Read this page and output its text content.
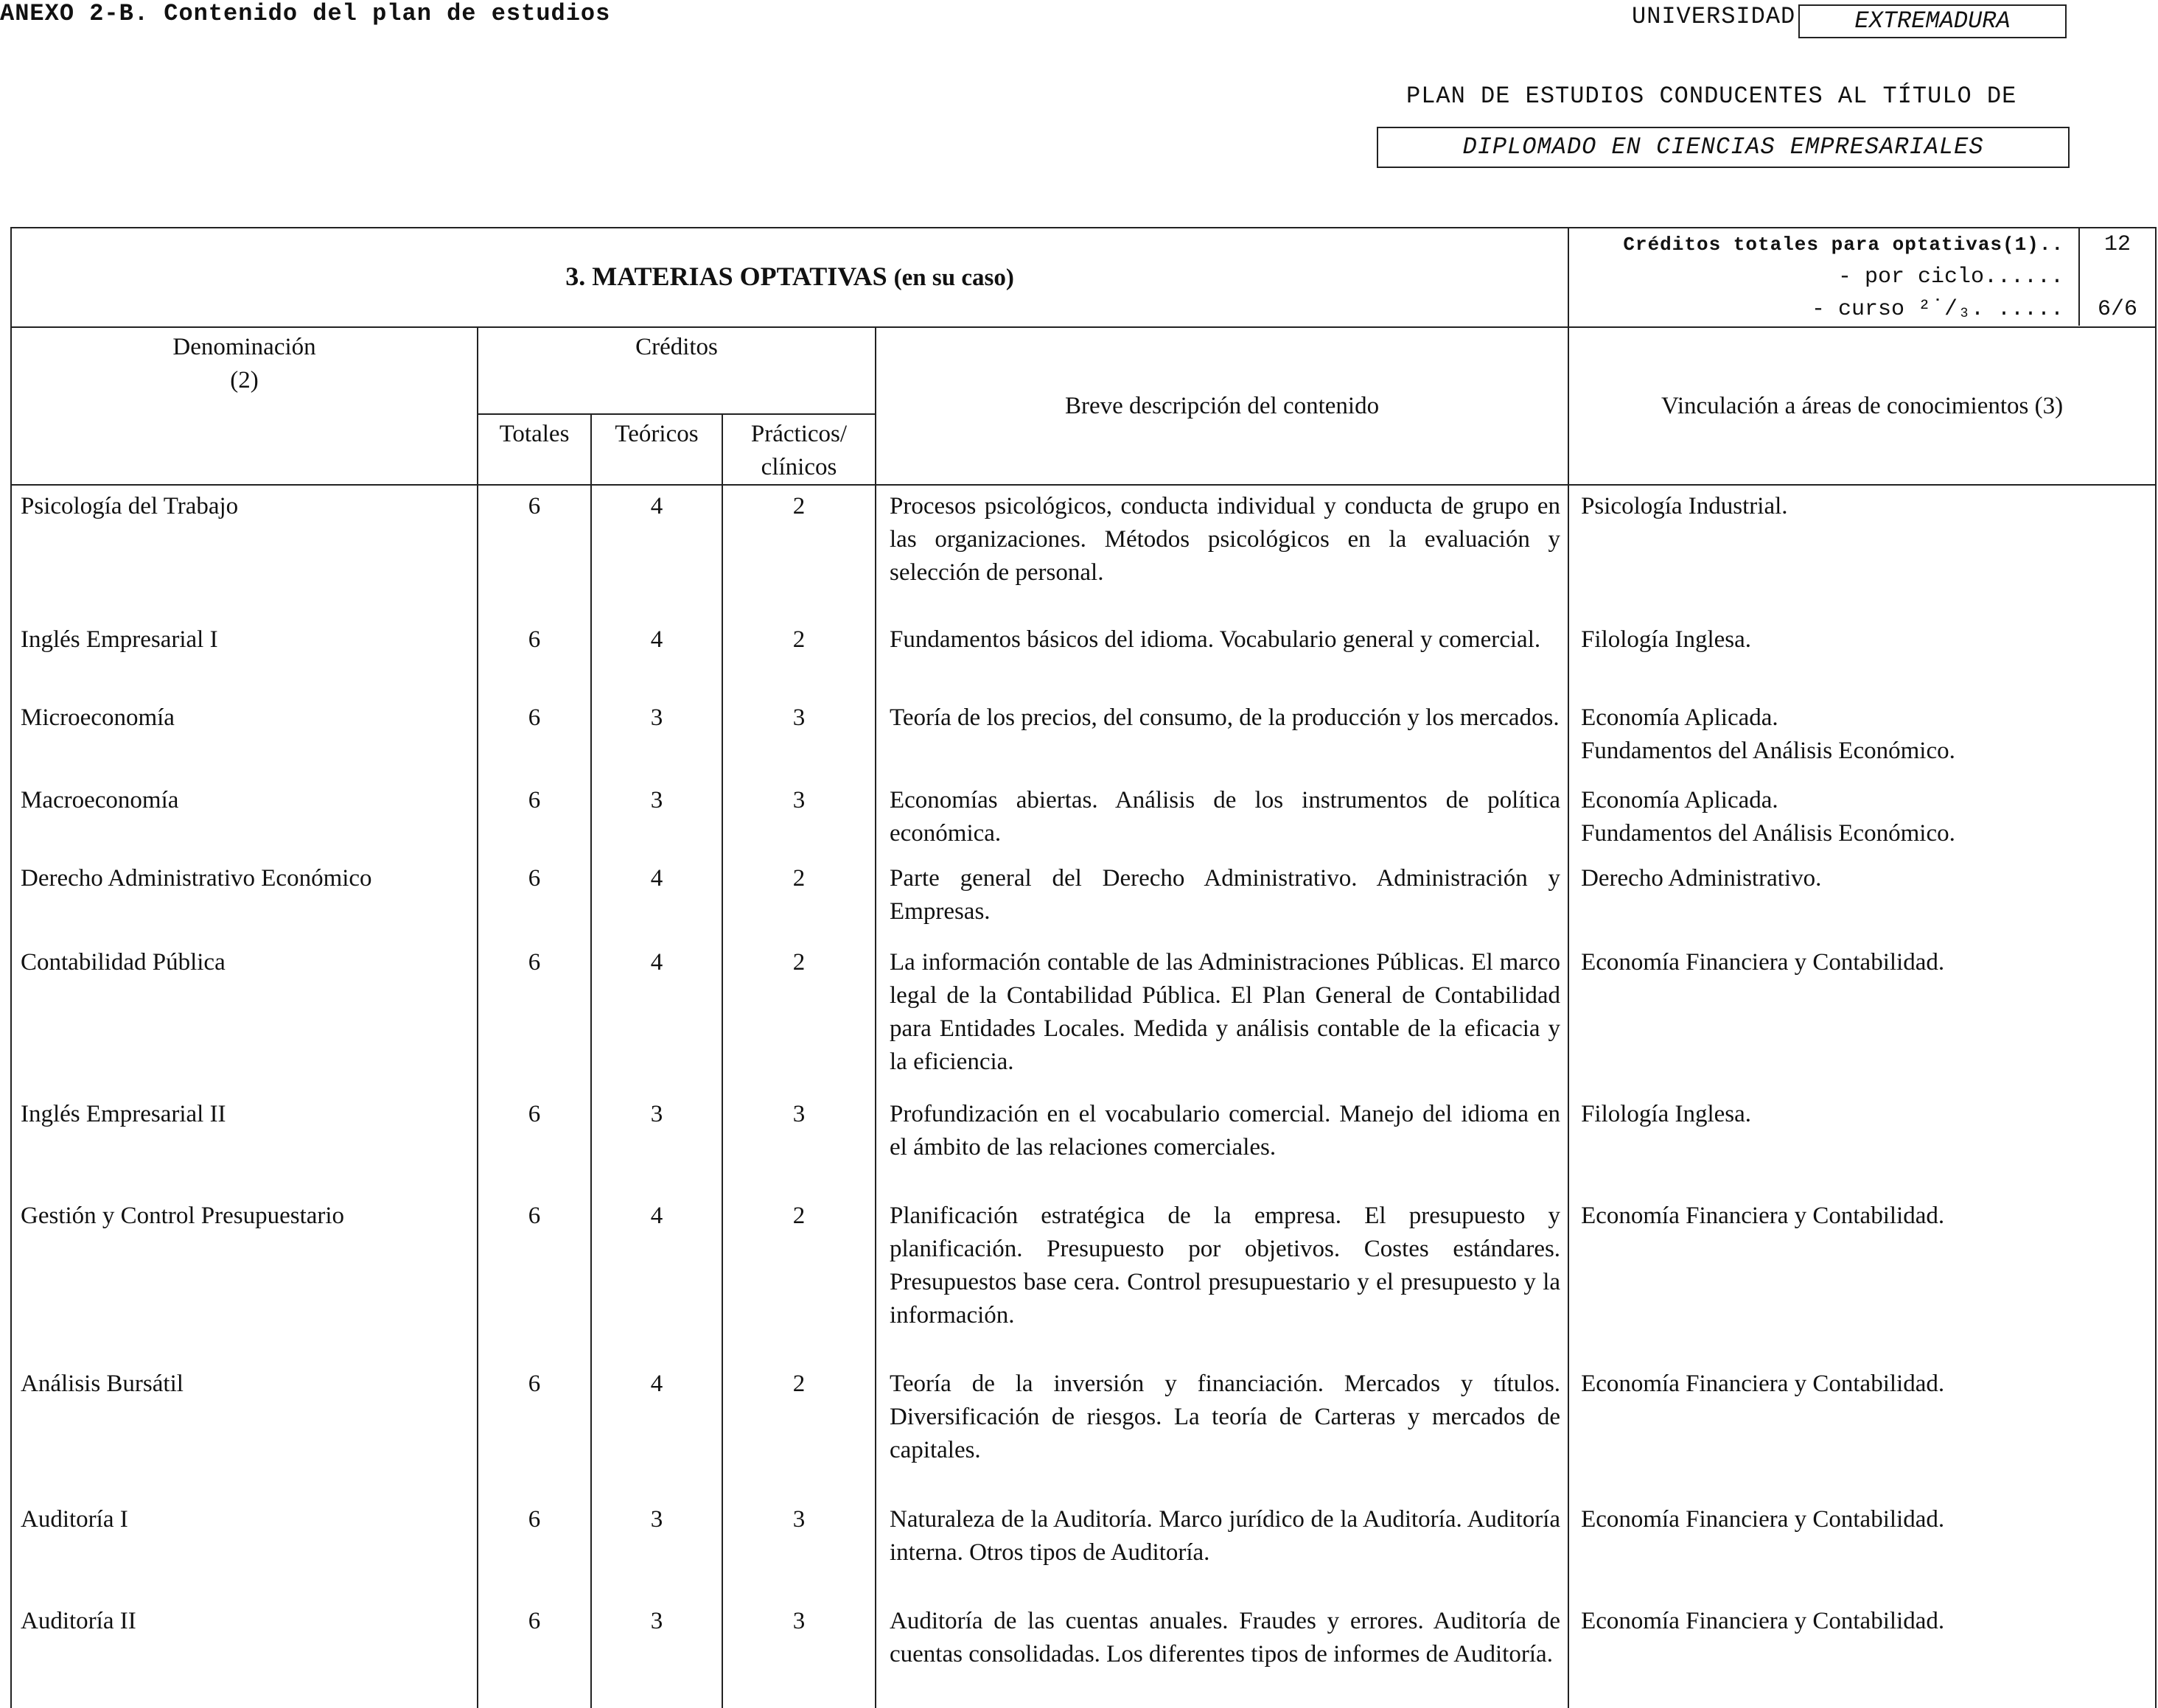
ANEXO 2-B. Contenido del plan de estudios	UNIVERSIDAD	EXTREMADURA
PLAN DE ESTUDIOS CONDUCENTES AL TÍTULO DE
DIPLOMADO EN CIENCIAS EMPRESARIALES
3. MATERIAS OPTATIVAS (en su caso)					Créditos totales para optativas(1).. 12
- por ciclo......
- curso ²˙/₃. ..... 6/6

Denominación
(2)	Créditos			Breve descripción del contenido	Vinculación a áreas de conocimientos (3)
	Totales	Teóricos	Prácticos/ clínicos		
Psicología del Trabajo	6	4	2	Procesos psicológicos, conducta individual y conducta de grupo en las organizaciones. Métodos psicológicos en la evaluación y selección de personal.	Psicología Industrial.
Inglés Empresarial I	6	4	2	Fundamentos básicos del idioma. Vocabulario general y comercial.	Filología Inglesa.
Microeconomía	6	3	3	Teoría de los precios, del consumo, de la producción y los mercados.	Economía Aplicada.
Fundamentos del Análisis Económico.
Macroeconomía	6	3	3	Economías abiertas. Análisis de los instrumentos de política económica.	Economía Aplicada.
Fundamentos del Análisis Económico.
Derecho Administrativo Económico	6	4	2	Parte general del Derecho Administrativo. Administración y Empresas.	Derecho Administrativo.
Contabilidad Pública	6	4	2	La información contable de las Administraciones Públicas. El marco legal de la Contabilidad Pública. El Plan General de Contabilidad para Entidades Locales. Medida y análisis contable de la eficacia y la eficiencia.	Economía Financiera y Contabilidad.
Inglés Empresarial II	6	3	3	Profundización en el vocabulario comercial. Manejo del idioma en el ámbito de las relaciones comerciales.	Filología Inglesa.
Gestión y Control Presupuestario	6	4	2	Planificación estratégica de la empresa. El presupuesto y planificación. Presupuesto por objetivos. Costes estándares. Presupuestos base cera. Control presupuestario y el presupuesto y la información.	Economía Financiera y Contabilidad.
Análisis Bursátil	6	4	2	Teoría de la inversión y financiación. Mercados y títulos. Diversificación de riesgos. La teoría de Carteras y mercados de capitales.	Economía Financiera y Contabilidad.
Auditoría I	6	3	3	Naturaleza de la Auditoría. Marco jurídico de la Auditoría. Auditoría interna. Otros tipos de Auditoría.	Economía Financiera y Contabilidad.
Auditoría II	6	3	3	Auditoría de las cuentas anuales. Fraudes y errores. Auditoría de cuentas consolidadas. Los diferentes tipos de informes de Auditoría.	Economía Financiera y Contabilidad.
